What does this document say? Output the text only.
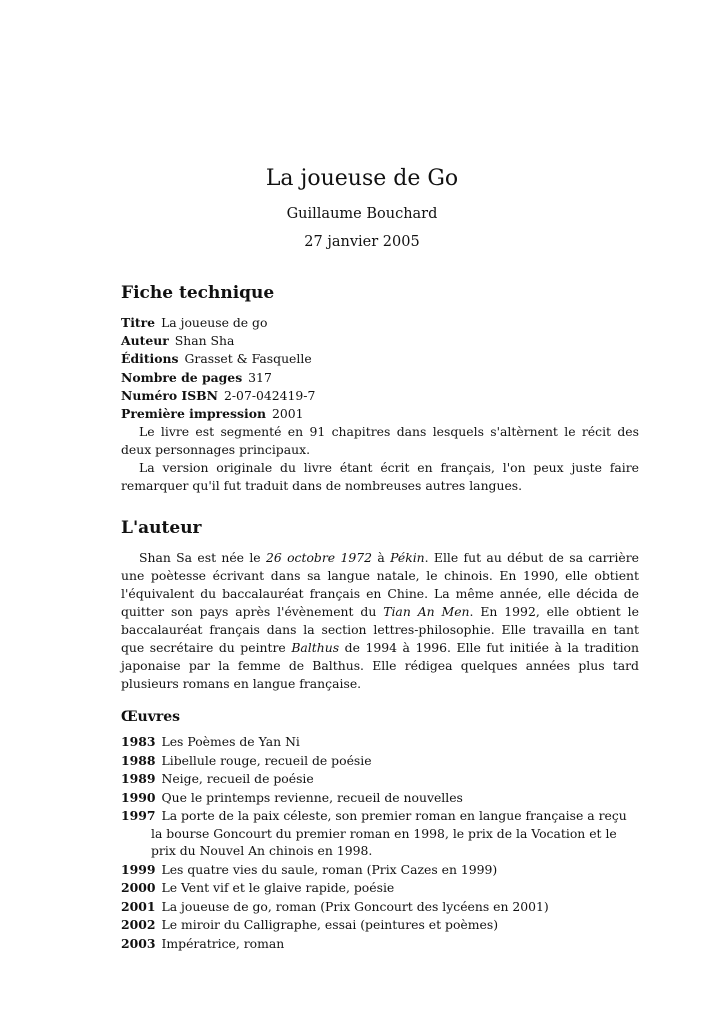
La joueuse de Go
Guillaume Bouchard
27 janvier 2005
Fiche technique
Titre La joueuse de go
Auteur Shan Sha
Éditions Grasset & Fasquelle
Nombre de pages 317
Numéro ISBN 2-07-042419-7
Première impression 2001

Le livre est segmenté en 91 chapitres dans lesquels s'altèrnent le récit des deux personnages principaux.

La version originale du livre étant écrit en français, l'on peux juste faire remarquer qu'il fut traduit dans de nombreuses autres langues.

L'auteur

Shan Sa est née le 26 octobre 1972 à Pékin. Elle fut au début de sa carrière une poètesse écrivant dans sa langue natale, le chinois. En 1990, elle obtient l'équivalent du baccalauréat français en Chine. La même année, elle décida de quitter son pays après l'évènement du Tian An Men. En 1992, elle obtient le baccalauréat français dans la section lettres-philosophie. Elle travailla en tant que secrétaire du peintre Balthus de 1994 à 1996. Elle fut initiée à la tradition japonaise par la femme de Balthus. Elle rédigea quelques années plus tard plusieurs romans en langue française.

Œuvres
1983 Les Poèmes de Yan Ni
1988 Libellule rouge, recueil de poésie
1989 Neige, recueil de poésie
1990 Que le printemps revienne, recueil de nouvelles
1997 La porte de la paix céleste, son premier roman en langue française a reçu la bourse Goncourt du premier roman en 1998, le prix de la Vocation et le prix du Nouvel An chinois en 1998.
1999 Les quatre vies du saule, roman (Prix Cazes en 1999)
2000 Le Vent vif et le glaive rapide, poésie
2001 La joueuse de go, roman (Prix Goncourt des lycéens en 2001)
2002 Le miroir du Calligraphe, essai (peintures et poèmes)
2003 Impératrice, roman
